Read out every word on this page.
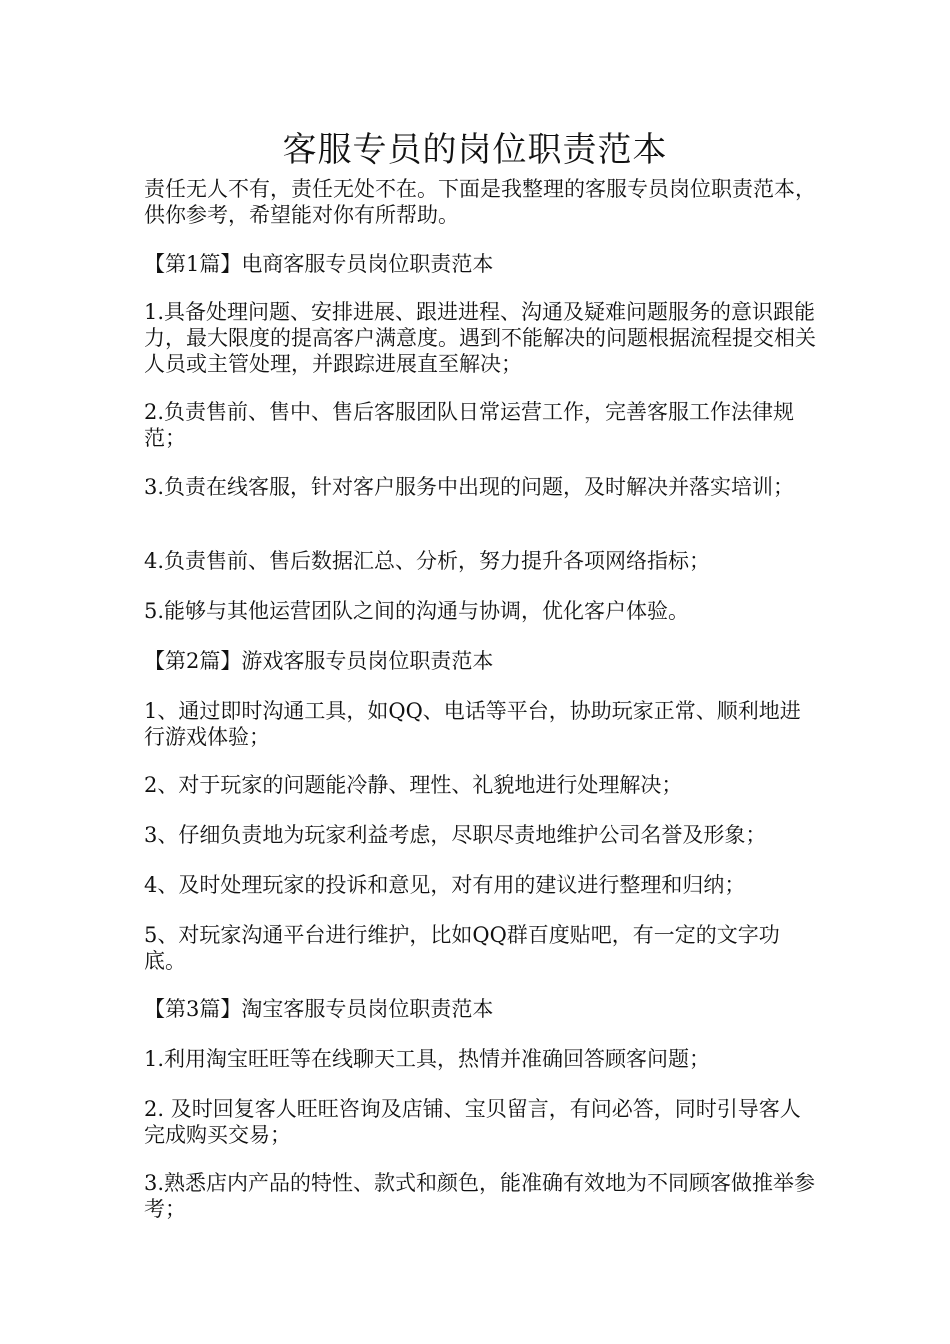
客服专员的岗位职责范本

责任无人不有，责任无处不在。下面是我整理的客服专员岗位职责范本，供你参考，希望能对你有所帮助。

【第1篇】电商客服专员岗位职责范本

1.具备处理问题、安排进展、跟进进程、沟通及疑难问题服务的意识跟能力，最大限度的提高客户满意度。遇到不能解决的问题根据流程提交相关人员或主管处理，并跟踪进展直至解决；

2.负责售前、售中、售后客服团队日常运营工作，完善客服工作法律规范；

3.负责在线客服，针对客户服务中出现的问题，及时解决并落实培训；

4.负责售前、售后数据汇总、分析，努力提升各项网络指标；

5.能够与其他运营团队之间的沟通与协调，优化客户体验。

【第2篇】游戏客服专员岗位职责范本

1、通过即时沟通工具，如QQ、电话等平台，协助玩家正常、顺利地进行游戏体验；

2、对于玩家的问题能冷静、理性、礼貌地进行处理解决；

3、仔细负责地为玩家利益考虑，尽职尽责地维护公司名誉及形象；

4、及时处理玩家的投诉和意见，对有用的建议进行整理和归纳；

5、对玩家沟通平台进行维护，比如QQ群百度贴吧，有一定的文字功底。

【第3篇】淘宝客服专员岗位职责范本

1.利用淘宝旺旺等在线聊天工具，热情并准确回答顾客问题；

2. 及时回复客人旺旺咨询及店铺、宝贝留言，有问必答，同时引导客人完成购买交易；

3.熟悉店内产品的特性、款式和颜色，能准确有效地为不同顾客做推举参考；
